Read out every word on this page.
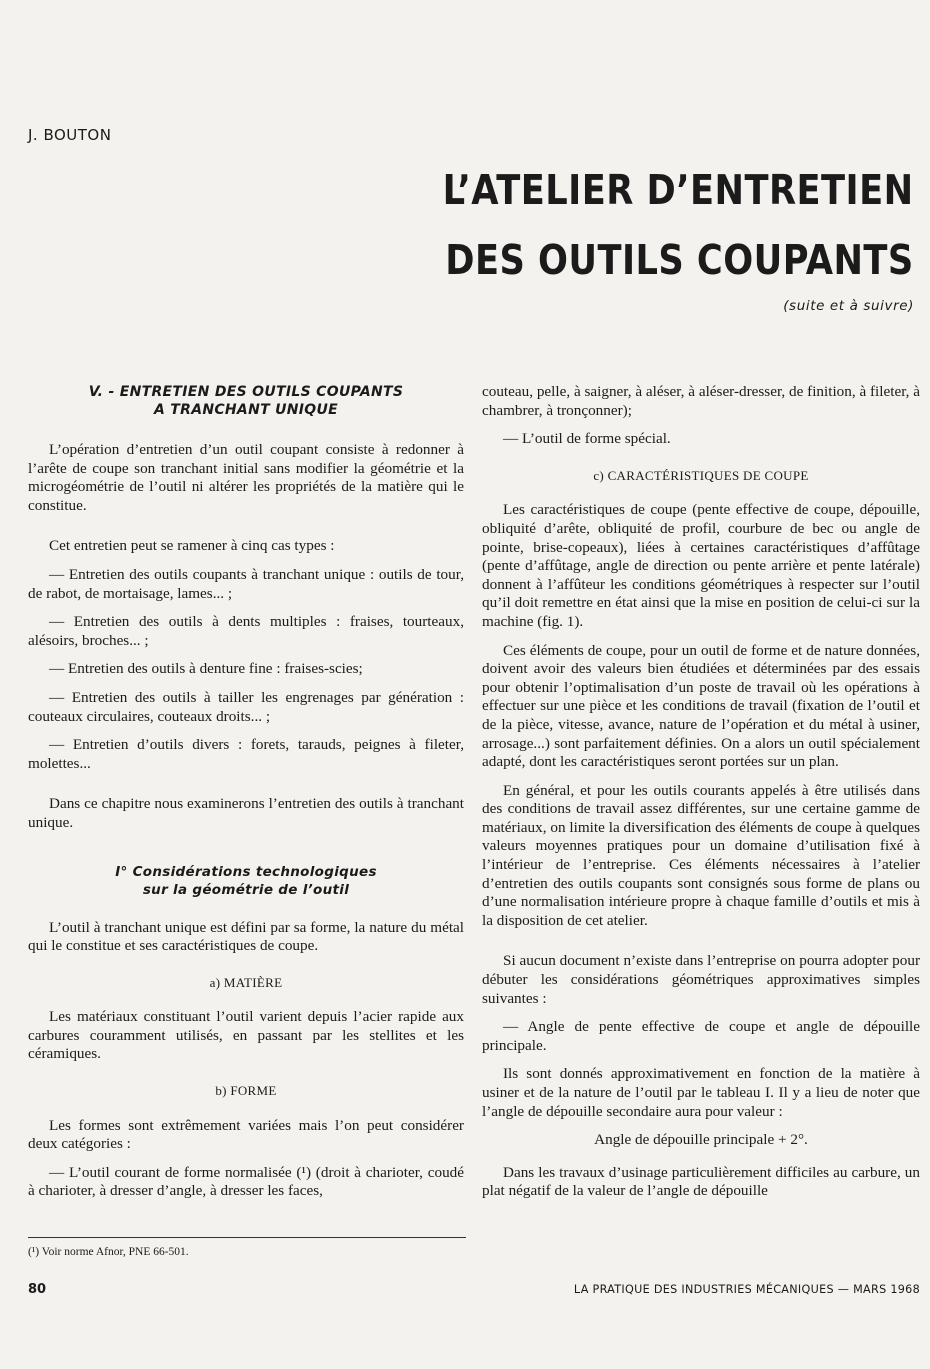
J. BOUTON
L’ATELIER D’ENTRETIEN
DES OUTILS COUPANTS
(suite et à suivre)
V. - ENTRETIEN DES OUTILS COUPANTS
A TRANCHANT UNIQUE

L’opération d’entretien d’un outil coupant consiste à redonner à l’arête de coupe son tranchant initial sans modifier la géométrie et la microgéométrie de l’outil ni altérer les propriétés de la matière qui le constitue.

Cet entretien peut se ramener à cinq cas types :

— Entretien des outils coupants à tranchant unique : outils de tour, de rabot, de mortaisage, lames... ;

— Entretien des outils à dents multiples : fraises, tourteaux, alésoirs, broches... ;

— Entretien des outils à denture fine : fraises-scies;

— Entretien des outils à tailler les engrenages par génération : couteaux circulaires, couteaux droits... ;

— Entretien d’outils divers : forets, tarauds, peignes à fileter, molettes...

Dans ce chapitre nous examinerons l’entretien des outils à tranchant unique.

I° Considérations technologiques
sur la géométrie de l’outil

L’outil à tranchant unique est défini par sa forme, la nature du métal qui le constitue et ses caractéristiques de coupe.

a) MATIÈRE

Les matériaux constituant l’outil varient depuis l’acier rapide aux carbures couramment utilisés, en passant par les stellites et les céramiques.

b) FORME

Les formes sont extrêmement variées mais l’on peut considérer deux catégories :

— L’outil courant de forme normalisée (¹) (droit à charioter, coudé à charioter, à dresser d’angle, à dresser les faces,

couteau, pelle, à saigner, à aléser, à aléser-dresser, de finition, à fileter, à chambrer, à tronçonner);

— L’outil de forme spécial.

c) CARACTÉRISTIQUES DE COUPE

Les caractéristiques de coupe (pente effective de coupe, dépouille, obliquité d’arête, obliquité de profil, courbure de bec ou angle de pointe, brise-copeaux), liées à certaines caractéristiques d’affûtage (pente d’affûtage, angle de direction ou pente arrière et pente latérale) donnent à l’affûteur les conditions géométriques à respecter sur l’outil qu’il doit remettre en état ainsi que la mise en position de celui-ci sur la machine (fig. 1).

Ces éléments de coupe, pour un outil de forme et de nature données, doivent avoir des valeurs bien étudiées et déterminées par des essais pour obtenir l’optimalisation d’un poste de travail où les opérations à effectuer sur une pièce et les conditions de travail (fixation de l’outil et de la pièce, vitesse, avance, nature de l’opération et du métal à usiner, arrosage...) sont parfaitement définies. On a alors un outil spécialement adapté, dont les caractéristiques seront portées sur un plan.

En général, et pour les outils courants appelés à être utilisés dans des conditions de travail assez différentes, sur une certaine gamme de matériaux, on limite la diversification des éléments de coupe à quelques valeurs moyennes pratiques pour un domaine d’utilisation fixé à l’intérieur de l’entreprise. Ces éléments nécessaires à l’atelier d’entretien des outils coupants sont consignés sous forme de plans ou d’une normalisation intérieure propre à chaque famille d’outils et mis à la disposition de cet atelier.

Si aucun document n’existe dans l’entreprise on pourra adopter pour débuter les considérations géométriques approximatives simples suivantes :

— Angle de pente effective de coupe et angle de dépouille principale.

Ils sont donnés approximativement en fonction de la matière à usiner et de la nature de l’outil par le tableau I. Il y a lieu de noter que l’angle de dépouille secondaire aura pour valeur :

Angle de dépouille principale + 2°.

Dans les travaux d’usinage particulièrement difficiles au carbure, un plat négatif de la valeur de l’angle de dépouille

(¹) Voir norme Afnor, PNE 66-501.
80	LA PRATIQUE DES INDUSTRIES MÉCANIQUES — MARS 1968
